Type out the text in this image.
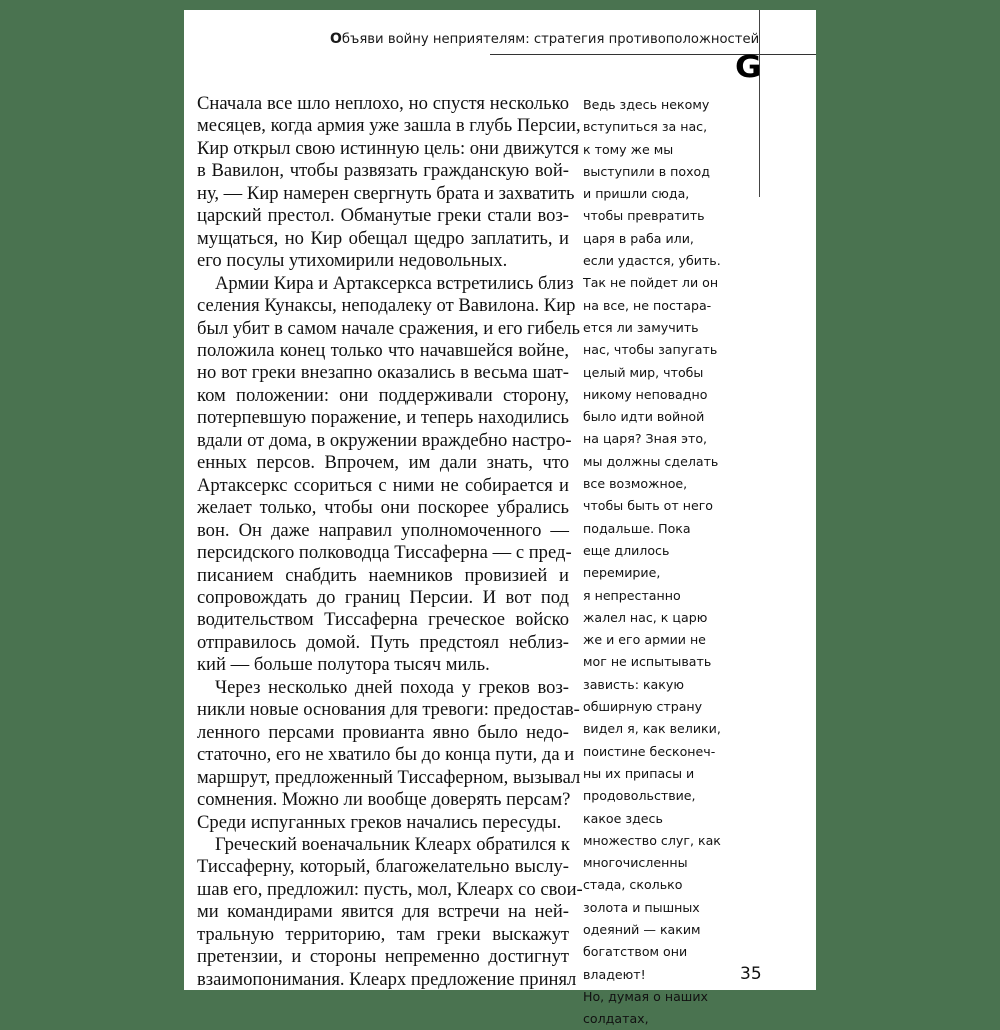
Объяви войну неприятелям: стратегия противоположностей
G
Сначала все шло неплохо, но спустя несколько
месяцев, когда армия уже зашла в глубь Персии,
Кир открыл свою истинную цель: они движутся
в Вавилон, чтобы развязать гражданскую вой-
ну, — Кир намерен свергнуть брата и захватить
царский престол. Обманутые греки стали воз-
мущаться, но Кир обещал щедро заплатить, и
его посулы утихомирили недовольных.
Армии Кира и Артаксеркса встретились близ
селения Кунаксы, неподалеку от Вавилона. Кир
был убит в самом начале сражения, и его гибель
положила конец только что начавшейся войне,
но вот греки внезапно оказались в весьма шат-
ком положении: они поддерживали сторону,
потерпевшую поражение, и теперь находились
вдали от дома, в окружении враждебно настро-
енных персов. Впрочем, им дали знать, что
Артаксеркс ссориться с ними не собирается и
желает только, чтобы они поскорее убрались
вон. Он даже направил уполномоченного —
персидского полководца Тиссаферна — с пред-
писанием снабдить наемников провизией и
сопровождать до границ Персии. И вот под
водительством Тиссаферна греческое войско
отправилось домой. Путь предстоял неблиз-
кий — больше полутора тысяч миль.
Через несколько дней похода у греков воз-
никли новые основания для тревоги: предостав-
ленного персами провианта явно было недо-
статочно, его не хватило бы до конца пути, да и
маршрут, предложенный Тиссаферном, вызывал
сомнения. Можно ли вообще доверять персам?
Среди испуганных греков начались пересуды.
Греческий военачальник Клеарх обратился к
Тиссаферну, который, благожелательно выслу-
шав его, предложил: пусть, мол, Клеарх со свои-
ми командирами явится для встречи на ней-
тральную территорию, там греки выскажут
претензии, и стороны непременно достигнут
взаимопонимания. Клеарх предложение принял
Ведь здесь некому
вступиться за нас,
к тому же мы
выступили в поход
и пришли сюда,
чтобы превратить
царя в раба или,
если удастся, убить.
Так не пойдет ли он
на все, не постара-
ется ли замучить
нас, чтобы запугать
целый мир, чтобы
никому неповадно
было идти войной
на царя? Зная это,
мы должны сделать
все возможное,
чтобы быть от него
подальше. Пока
еще длилось
перемирие,
я непрестанно
жалел нас, к царю
же и его армии не
мог не испытывать
зависть: какую
обширную страну
видел я, как велики,
поистине бесконеч-
ны их припасы и
продовольствие,
какое здесь
множество слуг, как
многочисленны
стада, сколько
золота и пышных
одеяний — каким
богатством они
владеют!
Но, думая о наших
солдатах,
35
